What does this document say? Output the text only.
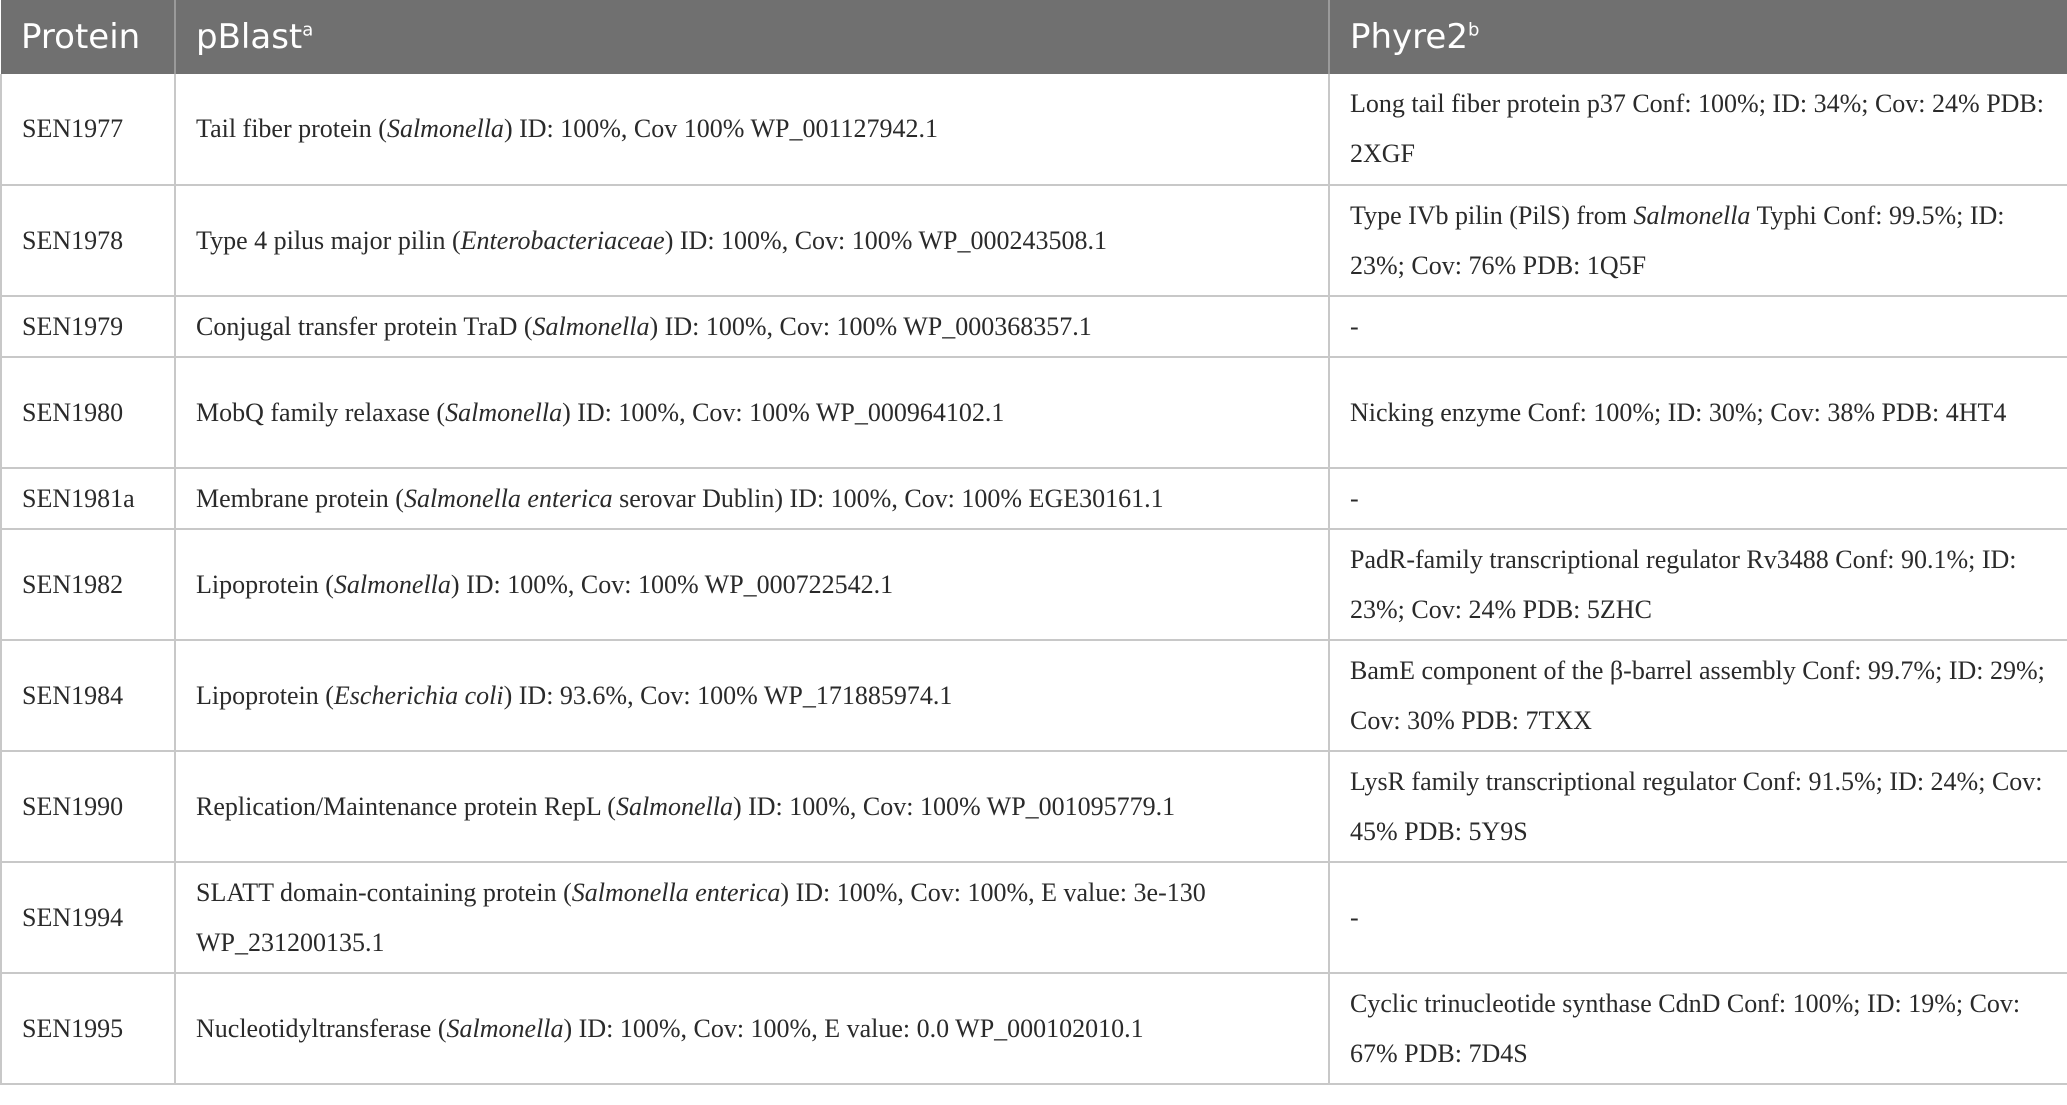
Protein	pBlast$^a$	Phyre2$^b$
SEN1977	Tail fiber protein (Salmonella) ID: 100%, Cov 100% WP_001127942.1	Long tail fiber protein p37 Conf: 100%; ID: 34%; Cov: 24% PDB: 2XGF
SEN1978	Type 4 pilus major pilin (Enterobacteriaceae) ID: 100%, Cov: 100% WP_000243508.1	Type IVb pilin (PilS) from Salmonella Typhi Conf: 99.5%; ID: 23%; Cov: 76% PDB: 1Q5F
SEN1979	Conjugal transfer protein TraD (Salmonella) ID: 100%, Cov: 100% WP_000368357.1	-
SEN1980	MobQ family relaxase (Salmonella) ID: 100%, Cov: 100% WP_000964102.1	Nicking enzyme Conf: 100%; ID: 30%; Cov: 38% PDB: 4HT4
SEN1981a	Membrane protein (Salmonella enterica serovar Dublin) ID: 100%, Cov: 100% EGE30161.1	-
SEN1982	Lipoprotein (Salmonella) ID: 100%, Cov: 100% WP_000722542.1	PadR-family transcriptional regulator Rv3488 Conf: 90.1%; ID: 23%; Cov: 24% PDB: 5ZHC
SEN1984	Lipoprotein (Escherichia coli) ID: 93.6%, Cov: 100% WP_171885974.1	BamE component of the β-barrel assembly Conf: 99.7%; ID: 29%; Cov: 30% PDB: 7TXX
SEN1990	Replication/Maintenance protein RepL (Salmonella) ID: 100%, Cov: 100% WP_001095779.1	LysR family transcriptional regulator Conf: 91.5%; ID: 24%; Cov: 45% PDB: 5Y9S
SEN1994	SLATT domain-containing protein (Salmonella enterica) ID: 100%, Cov: 100%, E value: 3e-130 WP_231200135.1	-
SEN1995	Nucleotidyltransferase (Salmonella) ID: 100%, Cov: 100%, E value: 0.0 WP_000102010.1	Cyclic trinucleotide synthase CdnD Conf: 100%; ID: 19%; Cov: 67% PDB: 7D4S
